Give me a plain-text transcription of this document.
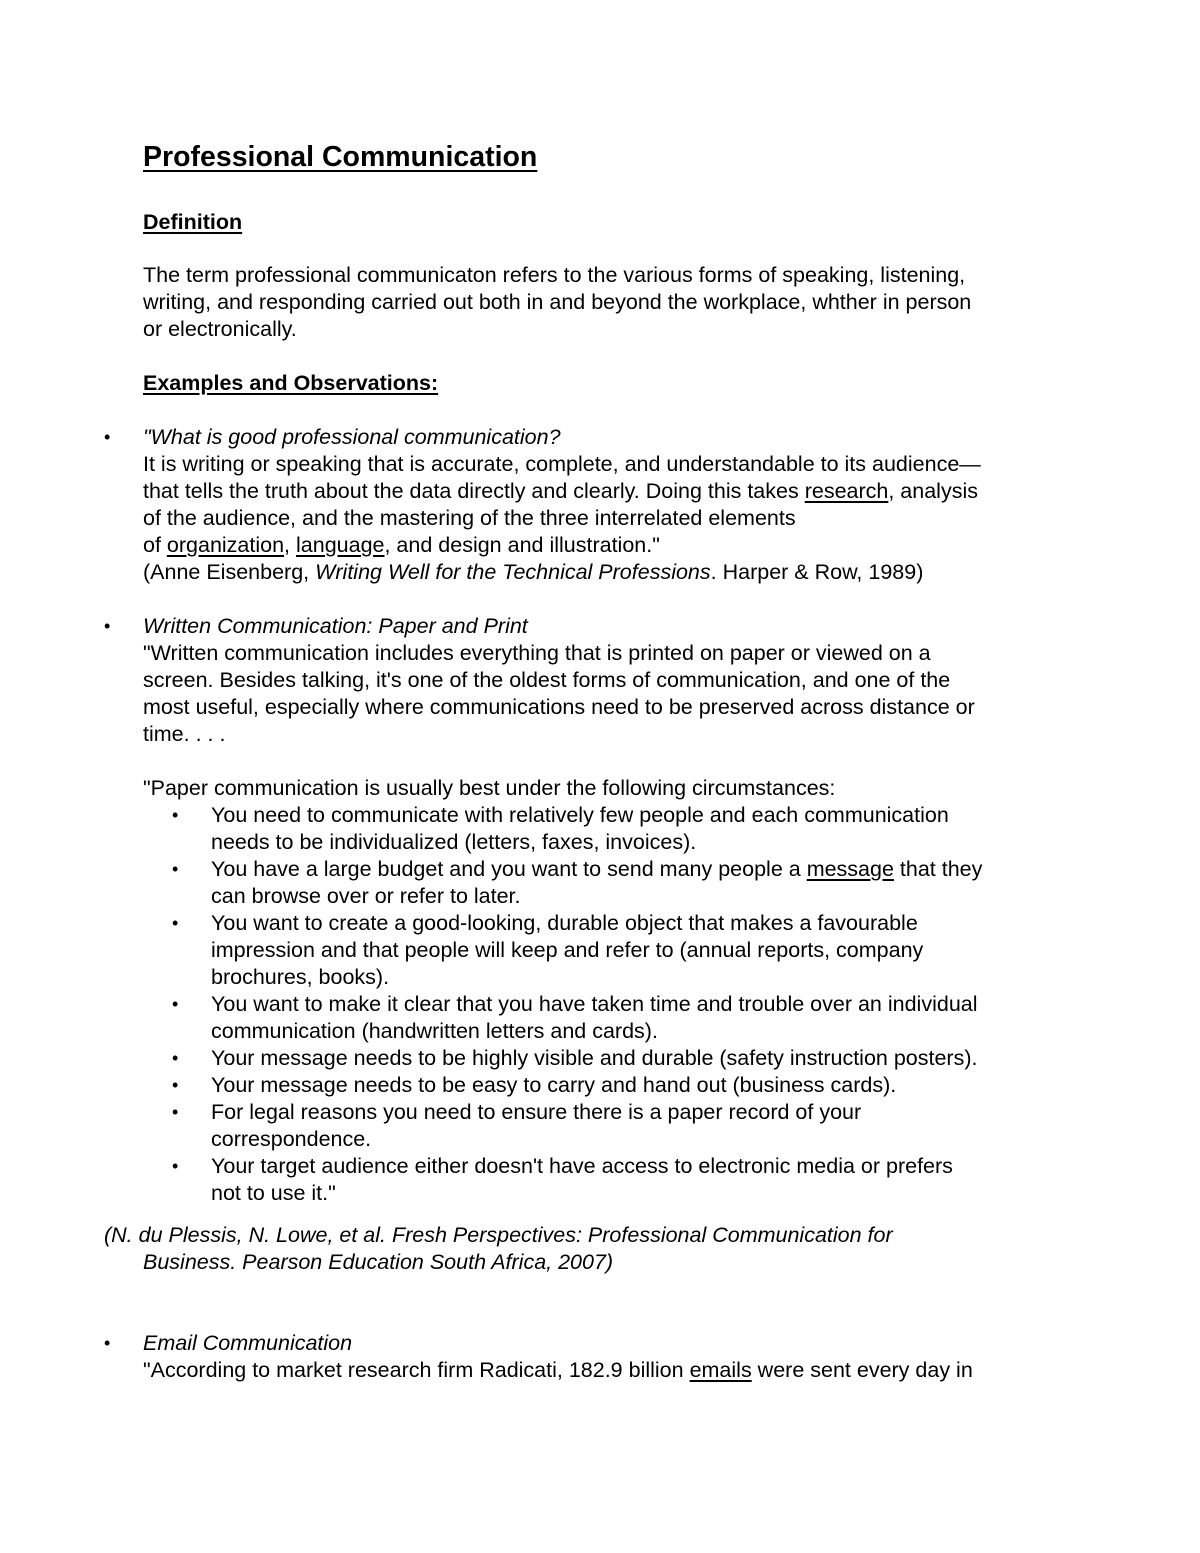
Professional Communication
Definition
The term professional communicaton refers to the various forms of speaking, listening,
writing, and responding carried out both in and beyond the workplace, whther in person
or electronically.
Examples and Observations:
• "What is good professional communication?
It is writing or speaking that is accurate, complete, and understandable to its audience—
that tells the truth about the data directly and clearly. Doing this takes research, analysis
of the audience, and the mastering of the three interrelated elements
of organization, language, and design and illustration."
(Anne Eisenberg, Writing Well for the Technical Professions. Harper & Row, 1989)
• Written Communication: Paper and Print
"Written communication includes everything that is printed on paper or viewed on a
screen. Besides talking, it's one of the oldest forms of communication, and one of the
most useful, especially where communications need to be preserved across distance or
time. . . .
"Paper communication is usually best under the following circumstances:
• You need to communicate with relatively few people and each communication
needs to be individualized (letters, faxes, invoices).
• You have a large budget and you want to send many people a message that they
can browse over or refer to later.
• You want to create a good-looking, durable object that makes a favourable
impression and that people will keep and refer to (annual reports, company
brochures, books).
• You want to make it clear that you have taken time and trouble over an individual
communication (handwritten letters and cards).
• Your message needs to be highly visible and durable (safety instruction posters).
• Your message needs to be easy to carry and hand out (business cards).
• For legal reasons you need to ensure there is a paper record of your
correspondence.
• Your target audience either doesn't have access to electronic media or prefers
not to use it."
(N. du Plessis, N. Lowe, et al. Fresh Perspectives: Professional Communication for
Business. Pearson Education South Africa, 2007)
• Email Communication
"According to market research firm Radicati, 182.9 billion emails were sent every day in
